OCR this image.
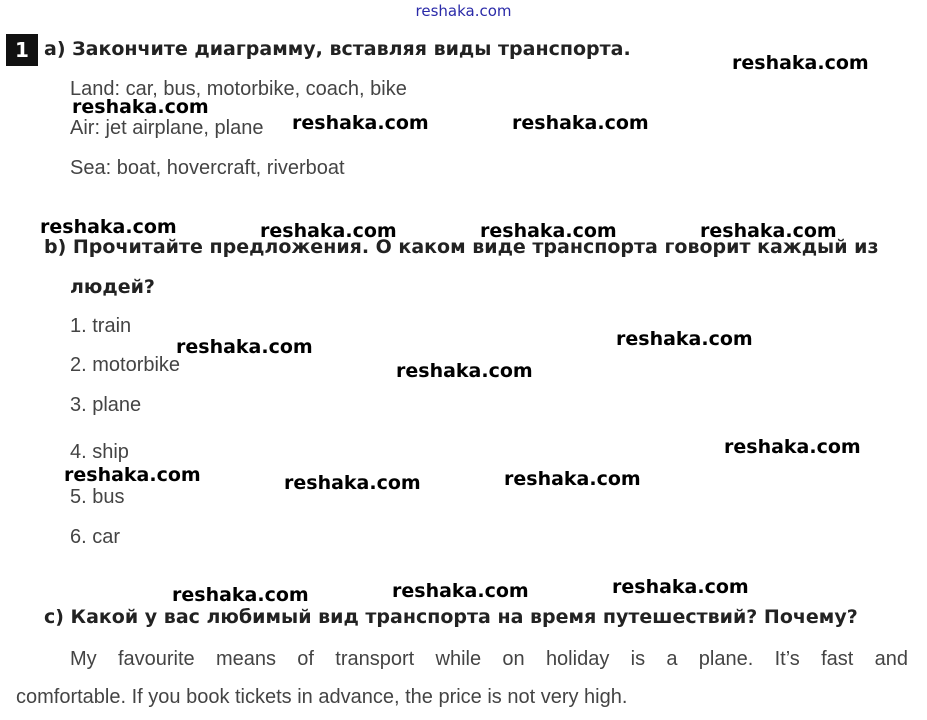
reshaka.com
1 a) Закончите диаграмму, вставляя виды транспорта.
Land: car, bus, motorbike, coach, bike
Air: jet airplane, plane
Sea: boat, hovercraft, riverboat
b) Прочитайте предложения. О каком виде транспорта говорит каждый из
людей?
1. train
2. motorbike
3. plane
4. ship
5. bus
6. car
c) Какой у вас любимый вид транспорта на время путешествий? Почему?
My favourite means of transport while on holiday is a plane. It’s fast and
comfortable. If you book tickets in advance, the price is not very high.
reshaka.com
reshaka.com
reshaka.com	reshaka.com
reshaka.com	reshaka.com	reshaka.com	reshaka.com
reshaka.com
reshaka.com
reshaka.com
reshaka.com
reshaka.com	reshaka.com
reshaka.com
reshaka.com
reshaka.com
reshaka.com
